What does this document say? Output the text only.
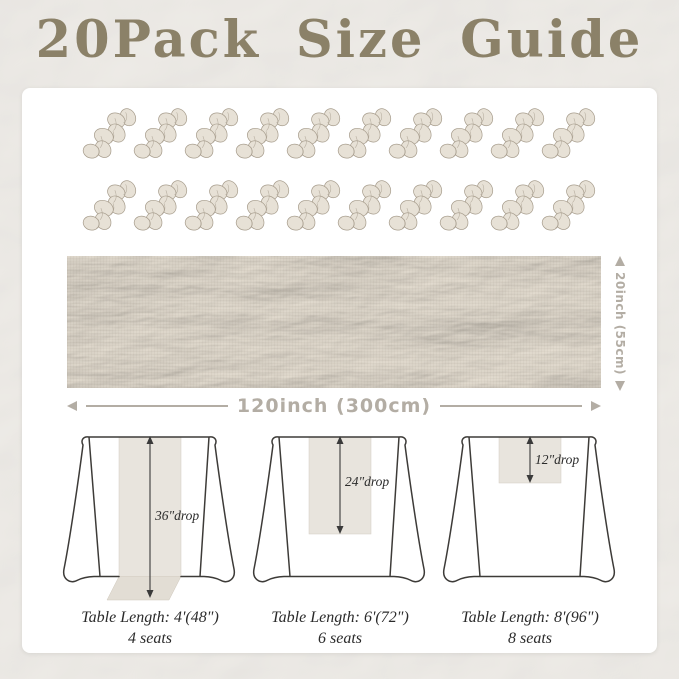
20Pack Size Guide
20inch (55cm)
120inch (300cm)
36"drop
Table Length: 4'(48")
4 seats
24"drop
Table Length: 6'(72")
6 seats
12"drop
Table Length: 8'(96")
8 seats
